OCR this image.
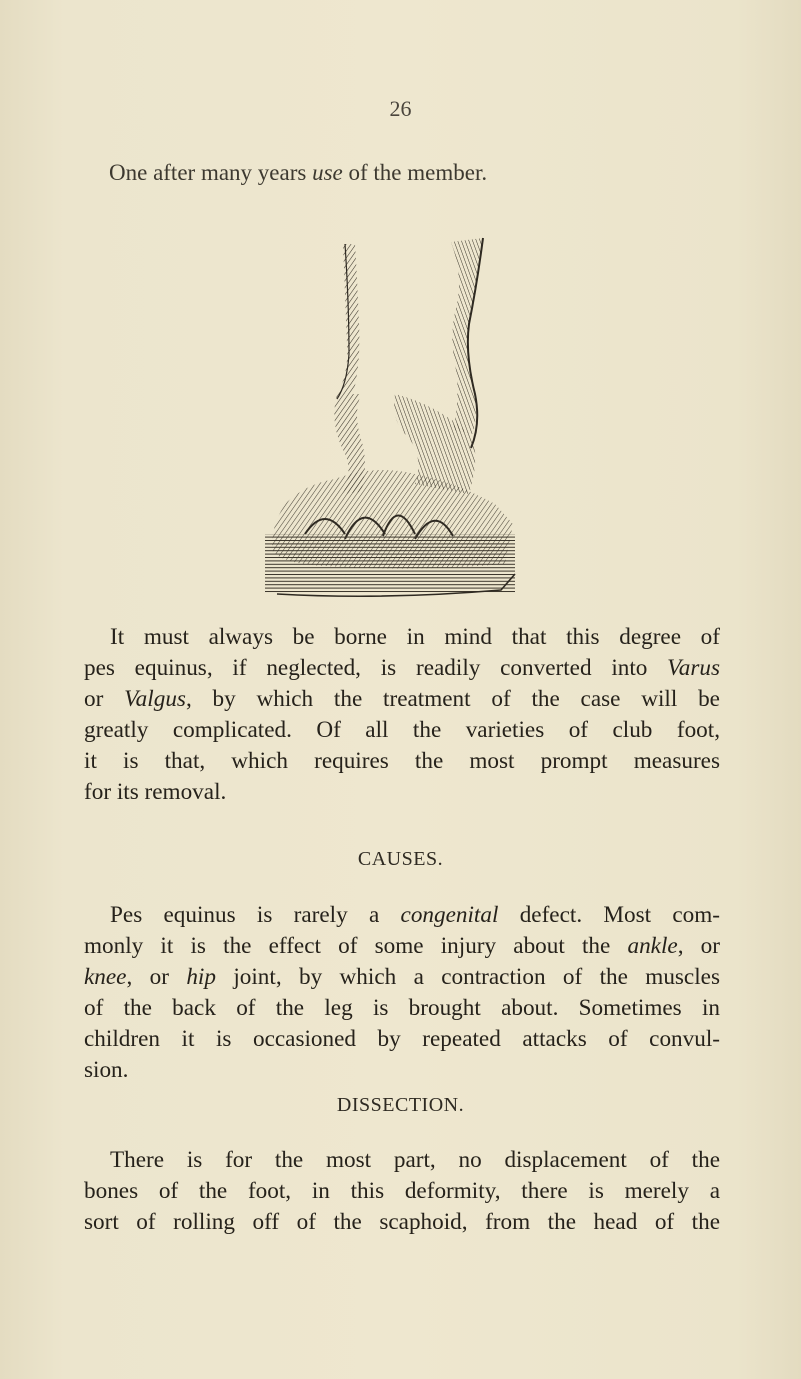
26
One after many years use of the member.
It must always be borne in mind that this degree of
pes equinus, if neglected, is readily converted into Varus
or Valgus, by which the treatment of the case will be
greatly complicated. Of all the varieties of club foot,
it is that, which requires the most prompt measures
for its removal.
CAUSES.
Pes equinus is rarely a congenital defect. Most com-
monly it is the effect of some injury about the ankle, or
knee, or hip joint, by which a contraction of the muscles
of the back of the leg is brought about. Sometimes in
children it is occasioned by repeated attacks of convul-
sion.
DISSECTION.
There is for the most part, no displacement of the
bones of the foot, in this deformity, there is merely a
sort of rolling off of the scaphoid, from the head of the
